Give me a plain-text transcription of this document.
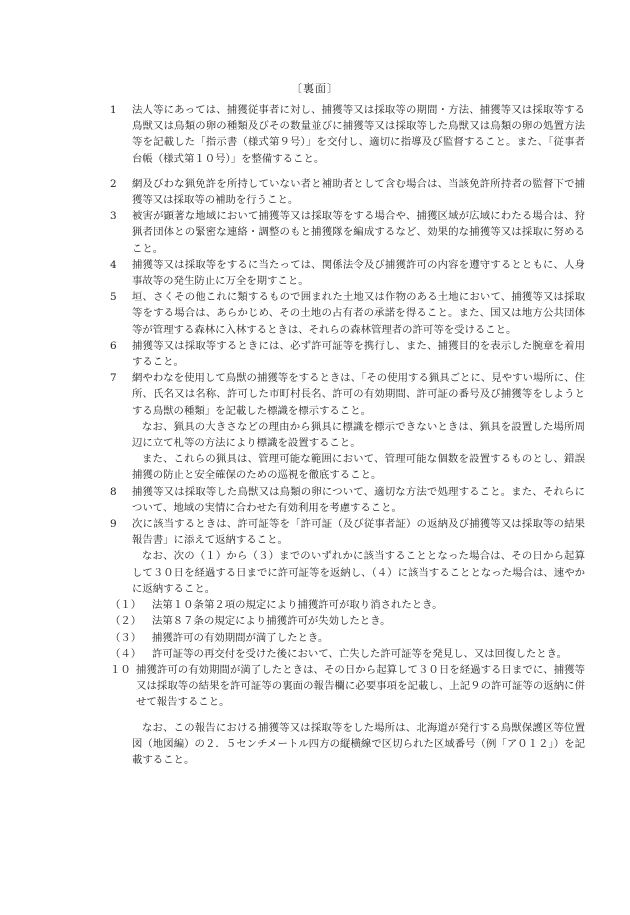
〔裏面〕

1	法人等にあっては、捕獲従事者に対し、捕獲等又は採取等の期間・方法、捕獲等又は採取等する鳥獣又は鳥類の卵の種類及びその数量並びに捕獲等又は採取等した鳥獣又は鳥類の卵の処置方法等を記載した「指示書（様式第９号）」を交付し、適切に指導及び監督すること。また、「従事者台帳（様式第１０号）」を整備すること。

2	網及びわな猟免許を所持していない者と補助者として含む場合は、当該免許所持者の監督下で捕獲等又は採取等の補助を行うこと。

3	被害が顕著な地域において捕獲等又は採取等をする場合や、捕獲区域が広域にわたる場合は、狩猟者団体との緊密な連絡・調整のもと捕獲隊を編成するなど、効果的な捕獲等又は採取に努めること。

4	捕獲等又は採取等をするに当たっては、関係法令及び捕獲許可の内容を遵守するとともに、人身事故等の発生防止に万全を期すこと。

5	垣、さくその他これに類するもので囲まれた土地又は作物のある土地において、捕獲等又は採取等をする場合は、あらかじめ、その土地の占有者の承諾を得ること。また、国又は地方公共団体等が管理する森林に入林するときは、それらの森林管理者の許可等を受けること。

6	捕獲等又は採取等するときには、必ず許可証等を携行し、また、捕獲目的を表示した腕章を着用すること。

7	網やわなを使用して鳥獣の捕獲等をするときは、「その使用する猟具ごとに、見やすい場所に、住所、氏名又は名称、許可した市町村長名、許可の有効期間、許可証の番号及び捕獲等をしようとする鳥獣の種類」を記載した標識を標示すること。

なお、猟具の大きさなどの理由から猟具に標識を標示できないときは、猟具を設置した場所周辺に立て札等の方法により標識を設置すること。

また、これらの猟具は、管理可能な範囲において、管理可能な個数を設置するものとし、錯誤捕獲の防止と安全確保のための巡視を徹底すること。

8	捕獲等又は採取等した鳥獣又は鳥類の卵について、適切な方法で処理すること。また、それらについて、地域の実情に合わせた有効利用を考慮すること。

9	次に該当するときは、許可証等を「許可証（及び従事者証）の返納及び捕獲等又は採取等の結果報告書」に添えて返納すること。

なお、次の（１）から（３）までのいずれかに該当することとなった場合は、その日から起算して３０日を経過する日までに許可証等を返納し、（４）に該当することとなった場合は、速やかに返納すること。

（１）	法第１０条第２項の規定により捕獲許可が取り消されたとき。

（２）	法第８７条の規定により捕獲許可が失効したとき。

（３）	捕獲許可の有効期間が満了したとき。

（４）	許可証等の再交付を受けた後において、亡失した許可証等を発見し、又は回復したとき。

１０ 捕獲許可の有効期間が満了したときは、その日から起算して３０日を経過する日までに、捕獲等又は採取等の結果を許可証等の裏面の報告欄に必要事項を記載し、上記９の許可証等の返納に併せて報告すること。

なお、この報告における捕獲等又は採取等をした場所は、北海道が発行する鳥獣保護区等位置図（地図編）の２．５センチメートル四方の縦横線で区切られた区域番号（例「ア０１２」）を記載すること。
